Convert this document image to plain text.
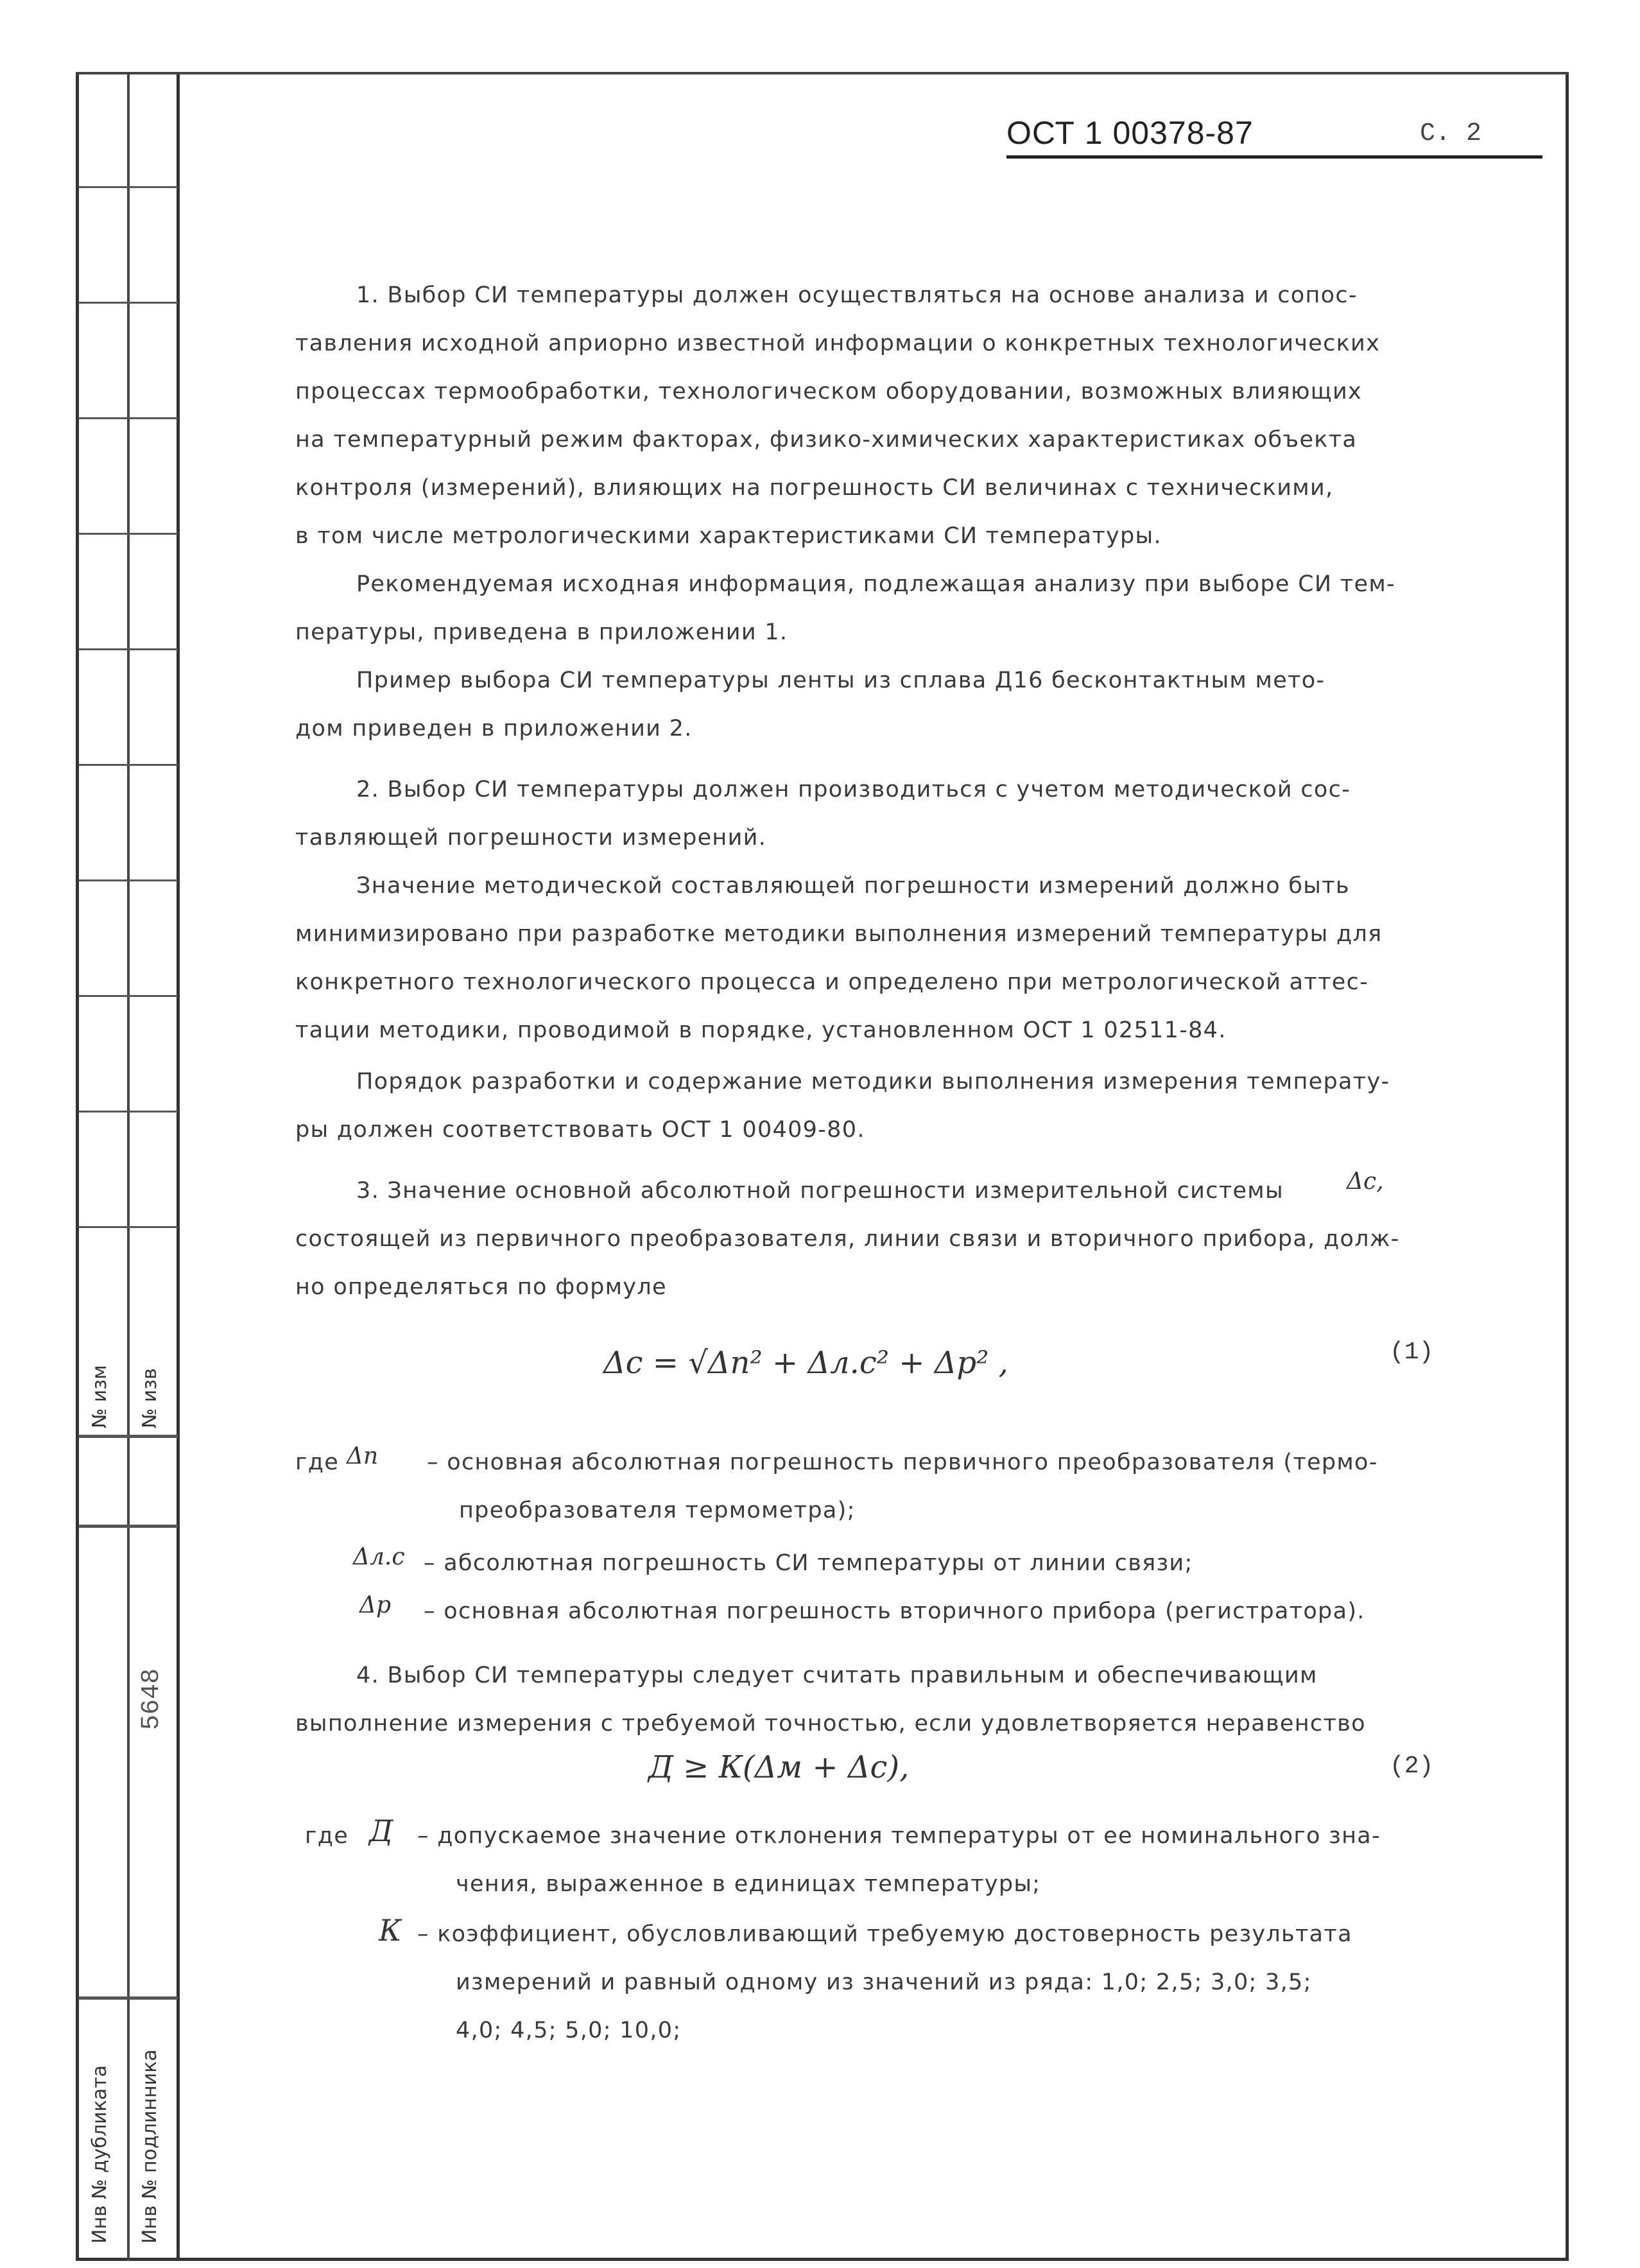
№ изм № изв
5648
Инв № дубликата Инв № подлинника
ОСТ 1 00378-87	С. 2
1. Выбор СИ температуры должен осуществляться на основе анализа и сопос-
тавления исходной априорно известной информации о конкретных технологических
процессах термообработки, технологическом оборудовании, возможных влияющих
на температурный режим факторах, физико-химических характеристиках объекта
контроля (измерений), влияющих на погрешность СИ величинах с техническими,
в том числе метрологическими характеристиками СИ температуры.
Рекомендуемая исходная информация, подлежащая анализу при выборе СИ тем-
пературы, приведена в приложении 1.
Пример выбора СИ температуры ленты из сплава Д16 бесконтактным мето-
дом приведен в приложении 2.
2. Выбор СИ температуры должен производиться с учетом методической сос-
тавляющей погрешности измерений.
Значение методической составляющей погрешности измерений должно быть
минимизировано при разработке методики выполнения измерений температуры для
конкретного технологического процесса и определено при метрологической аттес-
тации методики, проводимой в порядке, установленном ОСТ 1 02511-84.
Порядок разработки и содержание методики выполнения измерения температу-
ры должен соответствовать ОСТ 1 00409-80.
3. Значение основной абсолютной погрешности измерительной системы	Δс,
состоящей из первичного преобразователя, линии связи и вторичного прибора, долж-
но определяться по формуле
Δс = √Δп² + Δл.с² + Δр² ,	(1)
где Δп – основная абсолютная погрешность первичного преобразователя (термо-
преобразователя термометра);
Δл.с – абсолютная погрешность СИ температуры от линии связи;
Δр – основная абсолютная погрешность вторичного прибора (регистратора).
4. Выбор СИ температуры следует считать правильным и обеспечивающим
выполнение измерения с требуемой точностью, если удовлетворяется неравенство
Д ≥ К(Δм + Δс),	(2)
где Д – допускаемое значение отклонения температуры от ее номинального зна-
чения, выраженное в единицах температуры;
К – коэффициент, обусловливающий требуемую достоверность результата
измерений и равный одному из значений из ряда: 1,0; 2,5; 3,0; 3,5;
4,0; 4,5; 5,0; 10,0;
